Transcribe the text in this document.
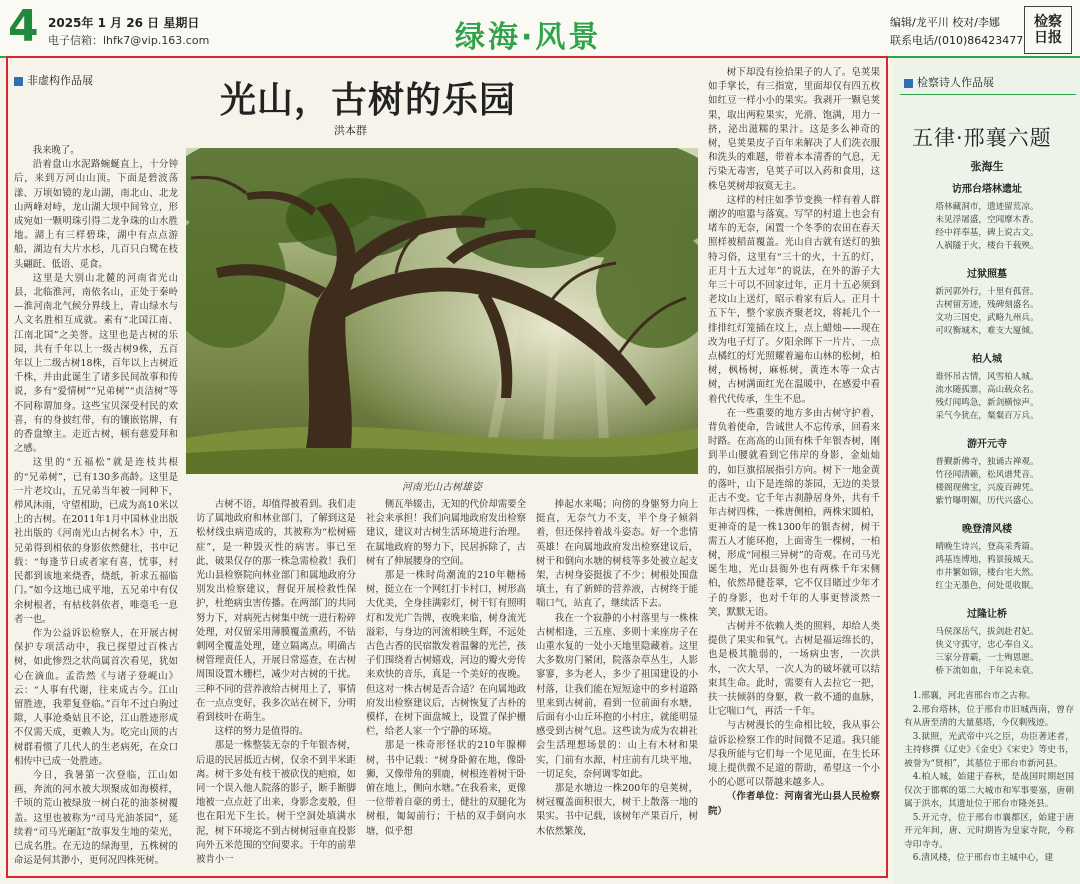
4 2025年 1 月 26 日 星期日
电子信箱：lhfk7@vip.163.com	绿海·风景	编辑/龙平川 校对/李娜
联系电话/(010)86423477
检察
日报
非虚构作品展	光山，古树的乐园
洪本群
河南光山古树雄姿

我来晚了。

沿着盘山水泥路蜿蜒直上，十分钟后，来到万河山山顶。下面是碧波荡漾、万顷如镜的龙山湖，南北山、北龙山两峰对峙，龙山湖大坝中间耸立，形成宛如一颗明珠引得二龙争珠的山水胜地。湖上有三样碧珠，湖中有点点游船，湖边有大片水杉，几百只白鹭在枝头翩跹、低语、觅食。

这里是大别山北麓的河南省光山县，北临淮河，南依名山，正处于秦岭—淮河南北气候分界线上，青山绿水与人文名胜相互成就。素有“北国江南、江南北国”之美誉。这里也是古树的乐园，共有千年以上一级古树9株，五百年以上二级古树18株，百年以上古树近千株，并由此诞生了诸多民间故事和传说，多有“爱情树”“兄弟树”“贞洁树”等不同称谓加身。这些宝贝深受村民的欢喜，有的身披红带，有的镶嵌铭牌，有的香盘缭主。走近古树，顿有慈爱拜和之感。

这里的“五福松”就是连枝共根的“兄弟树”，已有130多高龄。这里是一片老坟山，五兄弟当年被一同种下，栉风沐雨，守望相助，已成为高10米以上的古树。在2011年1月中国林业出版社出版的《河南光山古树名木》中，五兄弟得到相依的身影依然健壮，书中记载：“每逢节日或者家有喜，忧事，村民都到该地来烧香，烧纸，祈求五福临门。”如今这地已成平地，五兄弟中有仅余树根者，有枯枝斜依者，唯毫毛一息者一也。

作为公益诉讼检察人，在开展古树保护专项活动中，我已探望过百株古树，如此惨烈之状尚属首次看见，犹如心在滴血。孟浩然《与诸子登岘山》云：“人事有代谢，往来成古今。江山留胜迹，我辈复登临。”百年不过白驹过隙，人事沧桑姑且不论，江山胜迹形成不仅需天成，更赖人为。吃完山顶的古树群看惯了几代人的生老病死，在众口相传中已成一处胜迹。

今日，我暑第一次登临，江山如画，奔流的河水被大坝聚成如海模样，千顷的荒山被绿放一树白花的油茶树覆盖。这里也被称为“司马光油茶园”，延续着“司马光砸缸”故事发生地的荣光，已成名胜。在无边的绿海里，五株树的命运是何其渺小，更何况四株死树。

古树不语，却值得被看到。我们走访了属地政府和林业部门，了解到这是松材线虫病造成的，其被称为“松树癌症”，是一种毁灭性的病害。事已至此，破果仅存的那一株急需检救！我们光山县检察院向林业部门和属地政府分别发出检察建议，督促开展检救性保护，杜绝病虫害传播。在两部门的共同努力下，对病死古树集中统一进行粉碎处理，对仅留采用薄膜覆盖熏药，不钻刺网全覆盖处理，建立隔离点。明确古树管理责任人，开展日常巡查，在古树周围设置木栅栏，减少对古树的干扰。三种不同的营养液给古树用上了，事情在一点点变好，我多次站在树下，分明看到枝叶在萌生。

这样的努力是值得的。

那是一株整装无奈的千年银杏树，后退的民居抵近古树，仅余不到半米距离。树干多处有枝干被砍伐的疤痕，如同一个误入他人院落的影子，断手断脚地被一点点赶了出来，身影念麦般，但也在阳光下生长。树干空洞处填满水泥，树下环境迄不到古树树冠垂直投影向外五米范围的空间要求。干年的前辈被肯小一

侧瓦举辍击，无知的代价却需要全社会来承担！我们向属地政府发出检察建议，建议对古树生活环境进行治理。在属地政府的努力下，民居拆除了，古树有了伸展腰身的空间。

那是一株时尚潮流的210年糖杨树，挺立在一个网红打卡村口，树形高大优美，全身挂满彩灯，树干钉有照明灯和发光广告牌，夜晚来临，树身流光溢彩，与身边的河流相映生辉，不远处古色古香的民宿散发着温馨的光芒，孩子们围绕着古树嬉戏，河边的瓣火旁传来欢快的音乐，真是一个美好的夜晚。但这对一株古树是否合适？在向属地政府发出检察建议后，古树恢复了古朴的模样，在树下面盘城上，设置了保护栅栏，给老人家一个宁静的环境。

那是一株奇形怪状的210年腺柳树，书中记载：“树身卧俯在地，像卧狮，又像带角的驯鹿，树根连着树干卧俯在地上，侧向水塘。”在我看来，更像一位带着自豪的勇士，健壮的双腿化为树根，匍匐前行；干枯的双手倒向水塘，似乎想

捧起水来喝；向傍的身躯努力向上挺直，无奈气力不支，半个身子倾斜着，但还保持着战斗姿态。好一个悲情英雄！在向属地政府发出检察建议后，树干和倒向水塘的树枝等多处被立起支架，古树身姿挺拔了不少；树根处围盘填土，有了新鲜的营养液，古树终于能喘口气，站直了，继续活下去。

我在一个寂静的小村落里与一株株古树相逢，三五座、多则十来座房子在山重水复的一处小天地里隐藏着。这里大多数房门紧闭，院落杂草丛生，人影寥寥，多为老人，多少了祖国建设的小村落，让我们能在短短途中的乡村道路里来到古树前，看到一位前面有水塘，后面有小山丘环抱的小村庄，就能明显感受到古树气息。这些读为成为农耕社会生活理想场景的：山上有木材和果实，门前有水源，村庄前有几块平地，一切足矣，奈何调零如此。

那是水塘边一株200年的皂荚树，树冠覆盖面积很大，树干上散落一地的果实。书中记载，该树年产果百斤，树木依然繁茂，

树下却没有捡拾果子的人了。皂荚果如手掌长，有三指宽，里面却仅有四五枚如红豆一样小小的果实。我剥开一颗皂荚果，取出两粒果实，光滑、饱满，用力一挤，泌出滋糯的果汁。这是多么神奇的树，皂荚果皮子百年来解决了人们洗衣服和洗头的难题，带着本本清香的气息，无污染无毒害，皂荚子可以入药和食用，这株皂荚树却寂寞无主。

这样的村庄如季节变换一样有着人群潮汐的喧嚣与落寞。写罕的村道上也会有堵车的无奈，闲置一个冬季的农田在春天照样被稻苗覆盖。光山自古就有送灯的独特习俗，这里有“三十的火，十五的灯，正月十五大过年”的说法，在外的游子大年三十可以不回家过年，正月十五必须到老坟山上送灯，昭示着家有后人。正月十五下午，整个家族齐聚老坟，将耗几个一排排红灯笼插在坟上，点上蜡烛——现在改为电子灯了。夕阳余晖下一片片、一点点橘红的灯光照耀着遍布山林的松树，柏树，枫杨树，麻栎树，黄连木等一众古树，古树满面红光在温暖中，在感爱中看着代代传承，生生不息。

在一些重要的地方多由古树守护着，背负着使命，告诫世人不忘传承，回看来时路。在高高的山顶有株千年银杏树，刚到半山腰就看到它伟岸的身影，金灿灿的，如巨旗招展指引方向。树下一地金黄的落叶，山下是连绵的茶园，无边的美景正古不变。它千年古刹静居身外，共有千年古树四株，一株唐侧柏，两株宋圆柏，更神奇的是一株1300年的银杏树，树干需五人才能环抱，上面寄生一棵树，一柏树，形成“同根三异树”的奇观。在司马光诞生地，光山县衙外也有两株千年宋侧柏，依然昂健苍翠，它不仅目睹过少年才子的身影，也对千年的人事更替淡然一笑，默默无语。

古树并不依赖人类的照料，却给人类提供了果实和氧气。古树是福运绵长的，也是极其脆弱的，一场病虫害，一次洪水，一次大旱，一次人为的破坏就可以结束其生命。此时，需要有人去拉它一把，扶一扶倾斜的身躯，救一救不通的血脉，让它喘口气，再活一千年。

与古树漫长的生命相比较，我从事公益诉讼检察工作的时间微不足道。我只能尽我所能与它们每一个见见面，在生长环境上提供微不足道的帮助，希望这一个小小的心愿可以帮越来越多人。

（作者单位：河南省光山县人民检察院）

检察诗人作品展
五律·邢襄六题
张海生
访邢台塔林遗址
塔林藏洞市，遗迹留荒凉。
未见浮屠盛，空闻摩木香。
经中祥奉基，碑上说古文。
人祸隧于火，楼台千载殃。
过狱照墓
新河郭外行，十里有孤营。
古树留芳迹，残碑刻盛名。
文功三国史，武略九州兵。
可叹衡城木，难支大厦倾。
柏人城
谁怀吊古情，风雪柏人城。
流水随孤寨，高山载众名。
残灯闻鸣急，新剑横惊声。
采气今犹在，粲粲百万兵。
游开元寺
普觐新佛寺，独诵古禅观。
竹径闻清籁，松风谱梵音。
楼阁现佛宝，兴废百碑凭。
紫竹曝明媚，历代兴盛心。
晚登清风楼
晴晚生诗兴，登高采秀篇。
鸿基连博地，鸦景接城天。
市井繁如锦，楼台宅大然。
红尘无墨色，何处觅收眠。
过隆让桥
马侯深岳气，拔剑赴君妃。
侠义守孤守，忠心奉自义。
三家分晋霸，一士殉恩愿。
桥下流如血，千年说未衰。
1.邢襄，河北省邢台市之古称。
2.邢台塔林，位于邢台市旧城西南，曾存有从唐至清的大量墓塔，今仅剩残迹。
3.狱照，光武帝中兴之臣，功臣著述者，主持修撰《辽史》《金史》《宋史》等史书，被誉为“贤相”，其墓位于邢台市新河县。
4.柏人城，始建于春秋，是战国时期赵国仅次于邯郸的第二大城市和军事要塞，唐朝属于洪水，其遗址位于邢台市隆尧县。
5.开元寺，位于邢台市襄都区，始建于唐开元年间，唐、元时期皆为皇家寺院，今称寺印寺寺。
6.清风楼，位于邢台市主城中心，建
